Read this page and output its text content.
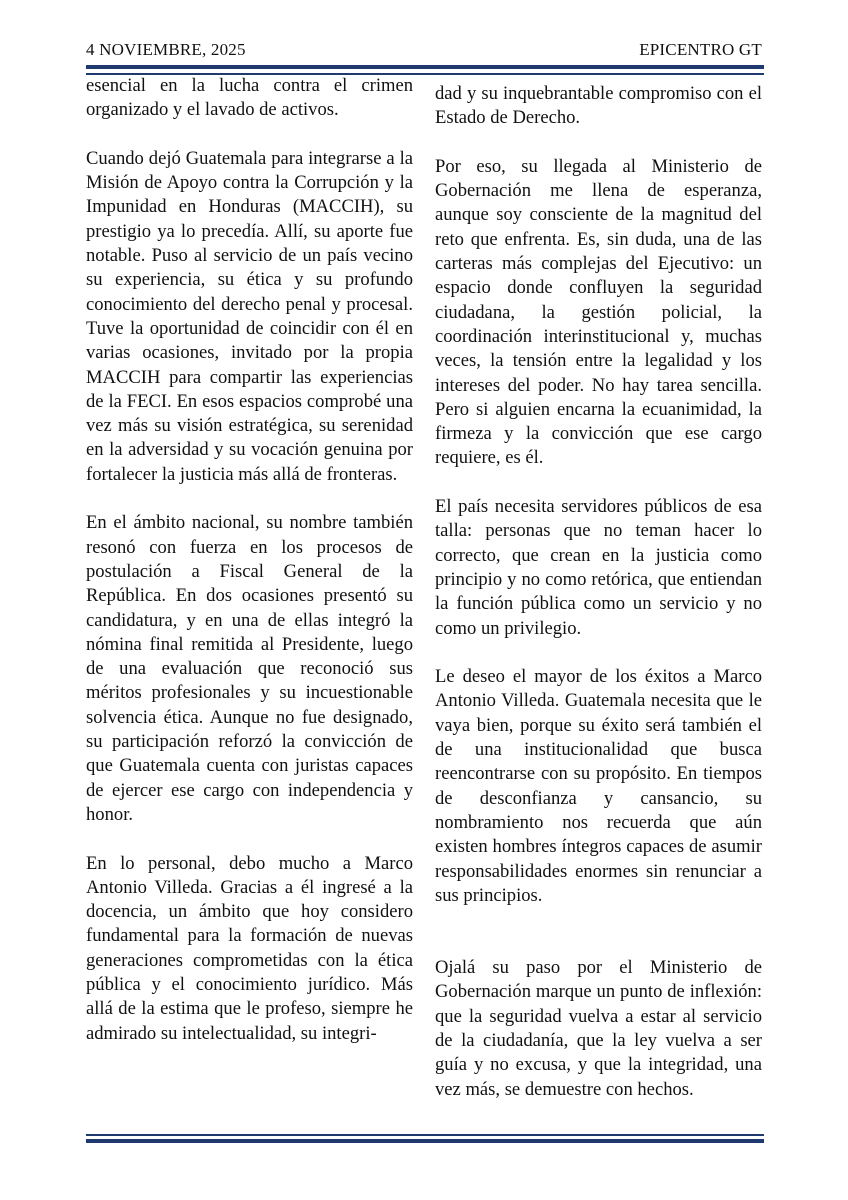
4 NOVIEMBRE, 2025	EPICENTRO GT

esencial en la lucha contra el crimen organizado y el lavado de activos.

Cuando dejó Guatemala para integrarse a la Misión de Apoyo contra la Corrupción y la Impunidad en Honduras (MACCIH), su prestigio ya lo precedía. Allí, su aporte fue notable. Puso al servicio de un país vecino su experiencia, su ética y su profundo conocimiento del derecho penal y procesal. Tuve la oportunidad de coincidir con él en varias ocasiones, invitado por la propia MACCIH para compartir las experiencias de la FECI. En esos espacios comprobé una vez más su visión estratégica, su serenidad en la adversidad y su vocación genuina por fortalecer la justicia más allá de fronteras.

En el ámbito nacional, su nombre también resonó con fuerza en los procesos de postulación a Fiscal General de la República. En dos ocasiones presentó su candidatura, y en una de ellas integró la nómina final remitida al Presidente, luego de una evaluación que reconoció sus méritos profesionales y su incuestionable solvencia ética. Aunque no fue designado, su participación reforzó la convicción de que Guatemala cuenta con juristas capaces de ejercer ese cargo con independencia y honor.

En lo personal, debo mucho a Marco Antonio Villeda. Gracias a él ingresé a la docencia, un ámbito que hoy considero fundamental para la formación de nuevas generaciones comprometidas con la ética pública y el conocimiento jurídico. Más allá de la estima que le profeso, siempre he admirado su intelectualidad, su integri-

dad y su inquebrantable compromiso con el Estado de Derecho.

Por eso, su llegada al Ministerio de Gobernación me llena de esperanza, aunque soy consciente de la magnitud del reto que enfrenta. Es, sin duda, una de las carteras más complejas del Ejecutivo: un espacio donde confluyen la seguridad ciudadana, la gestión policial, la coordinación interinstitucional y, muchas veces, la tensión entre la legalidad y los intereses del poder. No hay tarea sencilla. Pero si alguien encarna la ecuanimidad, la firmeza y la convicción que ese cargo requiere, es él.

El país necesita servidores públicos de esa talla: personas que no teman hacer lo correcto, que crean en la justicia como principio y no como retórica, que entiendan la función pública como un servicio y no como un privilegio.

Le deseo el mayor de los éxitos a Marco Antonio Villeda. Guatemala necesita que le vaya bien, porque su éxito será también el de una institucionalidad que busca reencontrarse con su propósito. En tiempos de desconfianza y cansancio, su nombramiento nos recuerda que aún existen hombres íntegros capaces de asumir responsabilidades enormes sin renunciar a sus principios.

Ojalá su paso por el Ministerio de Gobernación marque un punto de inflexión: que la seguridad vuelva a estar al servicio de la ciudadanía, que la ley vuelva a ser guía y no excusa, y que la integridad, una vez más, se demuestre con hechos.
